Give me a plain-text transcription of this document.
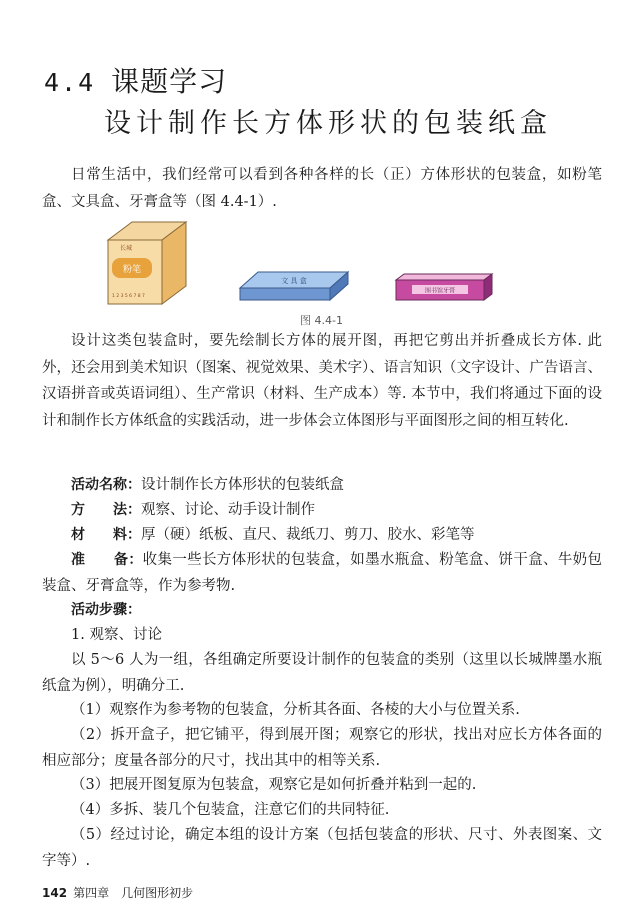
4.4 课题学习
设计制作长方体形状的包装纸盒
日常生活中，我们经常可以看到各种各样的长（正）方体形状的包装盒，如粉笔盒、文具盒、牙膏盒等（图 4.4-1）.
粉笔
长城
1 2 3 5 6 7 8 7
文 具 盒
图书馆牙膏
图 4.4-1
设计这类包装盒时，要先绘制长方体的展开图，再把它剪出并折叠成长方体. 此外，还会用到美术知识（图案、视觉效果、美术字）、语言知识（文字设计、广告语言、汉语拼音或英语词组）、生产常识（材料、生产成本）等. 本节中，我们将通过下面的设计和制作长方体纸盒的实践活动，进一步体会立体图形与平面图形之间的相互转化.
活动名称：设计制作长方体形状的包装纸盒
方　　法：观察、讨论、动手设计制作
材　　料：厚（硬）纸板、直尺、裁纸刀、剪刀、胶水、彩笔等
准　　备：收集一些长方体形状的包装盒，如墨水瓶盒、粉笔盒、饼干盒、牛奶包装盒、牙膏盒等，作为参考物.
活动步骤：
1. 观察、讨论
以 5～6 人为一组，各组确定所要设计制作的包装盒的类别（这里以长城牌墨水瓶纸盒为例），明确分工.
（1）观察作为参考物的包装盒，分析其各面、各棱的大小与位置关系.
（2）拆开盒子，把它铺平，得到展开图；观察它的形状，找出对应长方体各面的相应部分；度量各部分的尺寸，找出其中的相等关系.
（3）把展开图复原为包装盒，观察它是如何折叠并粘到一起的.
（4）多拆、装几个包装盒，注意它们的共同特征.
（5）经过讨论，确定本组的设计方案（包括包装盒的形状、尺寸、外表图案、文字等）.
142 第四章　几何图形初步
